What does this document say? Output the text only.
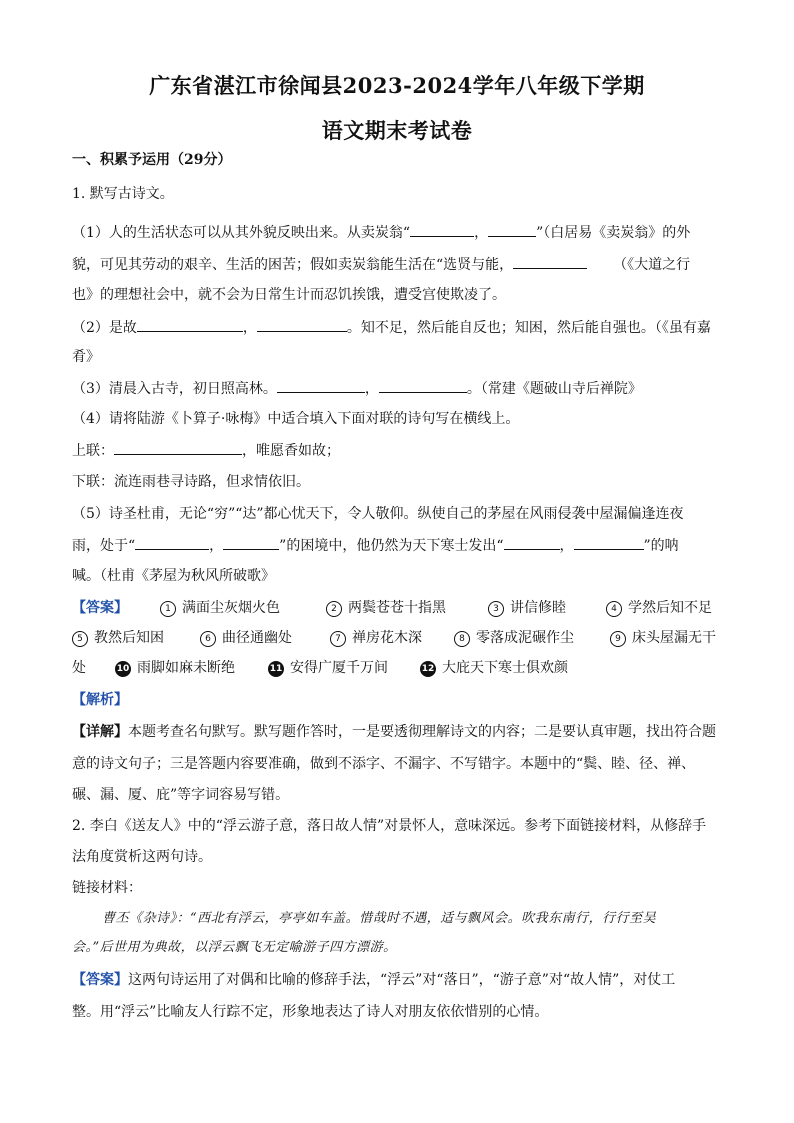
广东省湛江市徐闻县2023-2024学年八年级下学期
语文期末考试卷
一、积累予运用（29分）
1. 默写古诗文。
（1）人的生活状态可以从其外貌反映出来。从卖炭翁“	，	”（白居易《卖炭翁》的外
貌，可见其劳动的艰辛、生活的困苦；假如卖炭翁能生活在“选贤与能，	（《大道之行
也》的理想社会中，就不会为日常生计而忍饥挨饿，遭受宫使欺凌了。
（2）是故	，	。知不足，然后能自反也；知困，然后能自强也。（《虽有嘉
肴》
（3）清晨入古寺，初日照高林。	，	。（常建《题破山寺后禅院》
（4）请将陆游《卜算子·咏梅》中适合填入下面对联的诗句写在横线上。
上联：	，唯愿香如故；
下联：流连雨巷寻诗路，但求情依旧。
（5）诗圣杜甫，无论“穷”“达”都心忧天下，令人敬仰。纵使自己的茅屋在风雨侵袭中屋漏偏逢连夜
雨，处于“	，	”的困境中，他仍然为天下寒士发出“	，	”的呐
喊。（杜甫《茅屋为秋风所破歌》
【答案】	1 满面尘灰烟火色	2 两鬓苍苍十指黑	3 讲信修睦	4 学然后知不足
5 教然后知困	6 曲径通幽处	7 禅房花木深	8 零落成泥碾作尘	9 床头屋漏无干
处	10 雨脚如麻未断绝	11 安得广厦千万间	12 大庇天下寒士俱欢颜
【解析】
【详解】本题考查名句默写。默写题作答时，一是要透彻理解诗文的内容；二是要认真审题，找出符合题
意的诗文句子；三是答题内容要准确，做到不添字、不漏字、不写错字。本题中的“鬓、睦、径、禅、
碾、漏、厦、庇”等字词容易写错。
2. 李白《送友人》中的“浮云游子意，落日故人情”对景怀人，意味深远。参考下面链接材料，从修辞手
法角度赏析这两句诗。
链接材料：
曹丕《杂诗》：“西北有浮云，亭亭如车盖。惜哉时不遇，适与飘风会。吹我东南行，行行至吴
会。”后世用为典故，以浮云飘飞无定喻游子四方漂游。
【答案】这两句诗运用了对偶和比喻的修辞手法，“浮云”对“落日”，“游子意”对“故人情”，对仗工
整。用“浮云”比喻友人行踪不定，形象地表达了诗人对朋友依依惜别的心情。
